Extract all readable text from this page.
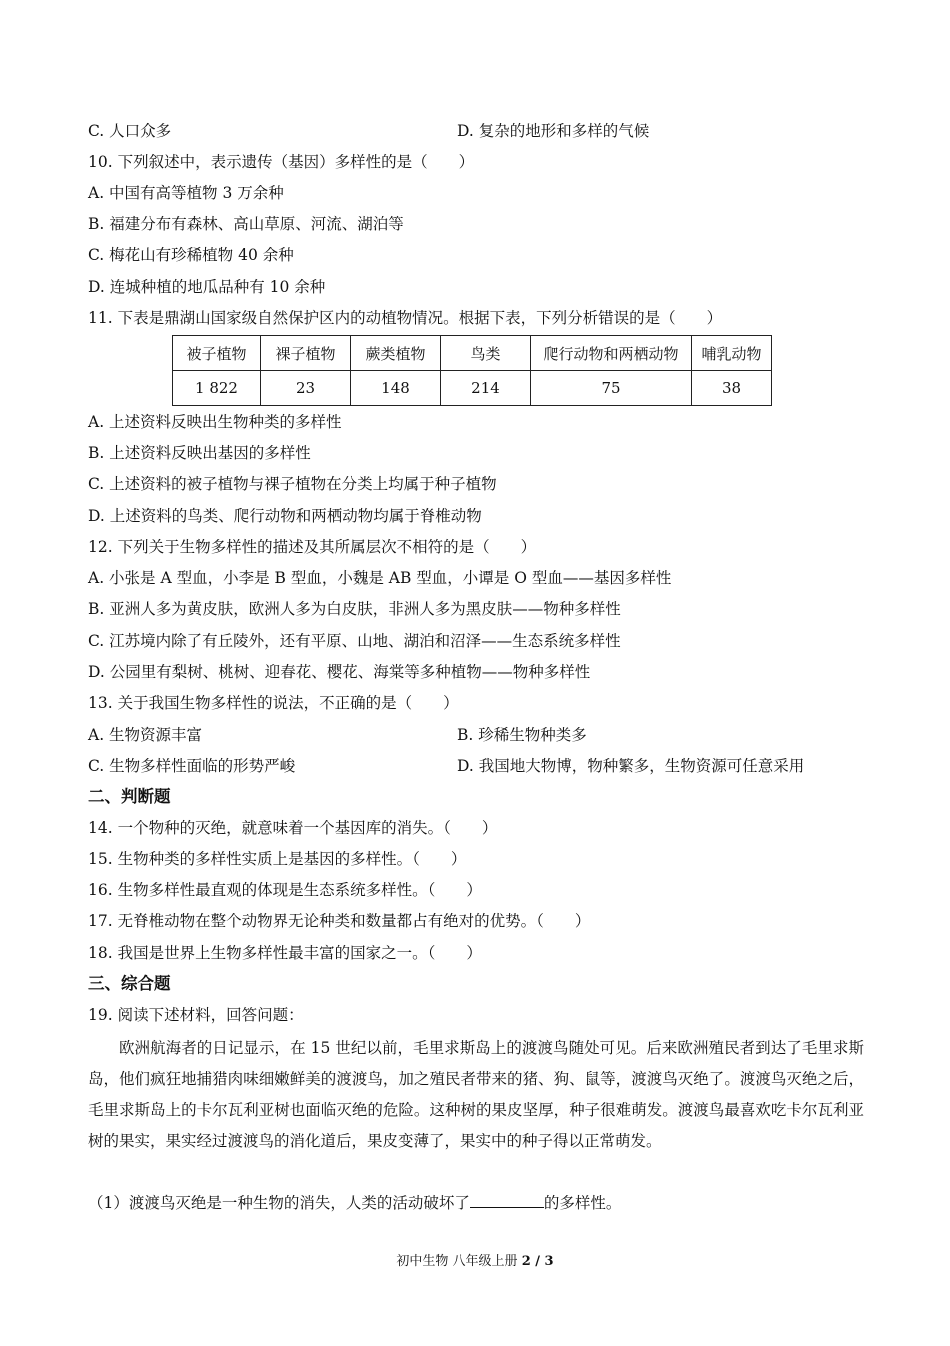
C. 人口众多	D. 复杂的地形和多样的气候
10. 下列叙述中，表示遗传（基因）多样性的是（　　）
A. 中国有高等植物 3 万余种
B. 福建分布有森林、高山草原、河流、湖泊等
C. 梅花山有珍稀植物 40 余种
D. 连城种植的地瓜品种有 10 余种
11. 下表是鼎湖山国家级自然保护区内的动植物情况。根据下表，下列分析错误的是（　　）
被子植物	裸子植物	蕨类植物	鸟类	爬行动物和两栖动物	哺乳动物
1 822	23	148	214	75	38
A. 上述资料反映出生物种类的多样性
B. 上述资料反映出基因的多样性
C. 上述资料的被子植物与裸子植物在分类上均属于种子植物
D. 上述资料的鸟类、爬行动物和两栖动物均属于脊椎动物
12. 下列关于生物多样性的描述及其所属层次不相符的是（　　）
A. 小张是 A 型血，小李是 B 型血，小魏是 AB 型血，小谭是 O 型血——基因多样性
B. 亚洲人多为黄皮肤，欧洲人多为白皮肤，非洲人多为黑皮肤——物种多样性
C. 江苏境内除了有丘陵外，还有平原、山地、湖泊和沼泽——生态系统多样性
D. 公园里有梨树、桃树、迎春花、樱花、海棠等多种植物——物种多样性
13. 关于我国生物多样性的说法，不正确的是（　　）
A. 生物资源丰富	B. 珍稀生物种类多
C. 生物多样性面临的形势严峻	D. 我国地大物博，物种繁多，生物资源可任意采用
二、判断题
14. 一个物种的灭绝，就意味着一个基因库的消失。（　　）
15. 生物种类的多样性实质上是基因的多样性。（　　）
16. 生物多样性最直观的体现是生态系统多样性。（　　）
17. 无脊椎动物在整个动物界无论种类和数量都占有绝对的优势。（　　）
18. 我国是世界上生物多样性最丰富的国家之一。（　　）
三、综合题
19. 阅读下述材料，回答问题：
欧洲航海者的日记显示，在 15 世纪以前，毛里求斯岛上的渡渡鸟随处可见。后来欧洲殖民者到达了毛里求斯岛，他们疯狂地捕猎肉味细嫩鲜美的渡渡鸟，加之殖民者带来的猪、狗、鼠等，渡渡鸟灭绝了。渡渡鸟灭绝之后，毛里求斯岛上的卡尔瓦利亚树也面临灭绝的危险。这种树的果皮坚厚，种子很难萌发。渡渡鸟最喜欢吃卡尔瓦利亚树的果实，果实经过渡渡鸟的消化道后，果皮变薄了，果实中的种子得以正常萌发。
（1）渡渡鸟灭绝是一种生物的消失，人类的活动破坏了	的多样性。
初中生物 八年级上册 2 / 3
